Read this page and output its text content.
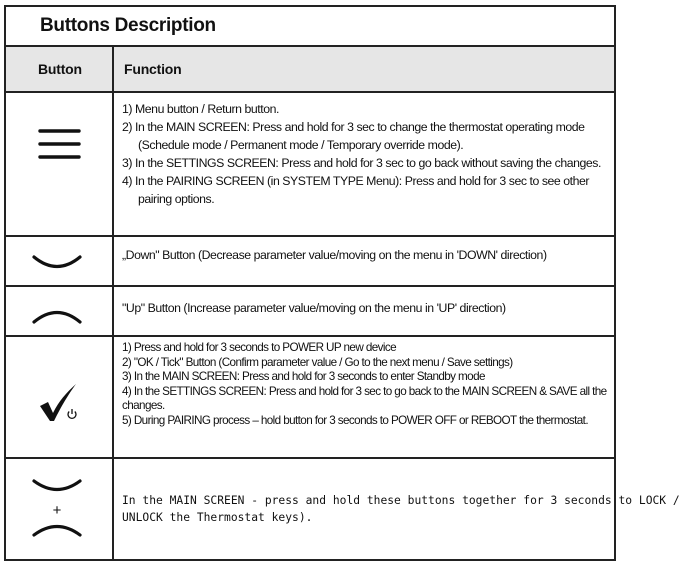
Buttons Description
Button	Function
1) Menu button / Return button.
2) In the MAIN SCREEN: Press and hold for 3 sec to change the thermostat operating mode
(Schedule mode / Permanent mode / Temporary override mode).
3) In the SETTINGS SCREEN: Press and hold for 3 sec to go back without saving the changes.
4) In the PAIRING SCREEN (in SYSTEM TYPE Menu): Press and hold for 3 sec to see other
pairing options.
„Down" Button (Decrease parameter value/moving on the menu in 'DOWN' direction)
"Up" Button (Increase parameter value/moving on the menu in 'UP' direction)
1) Press and hold for 3 seconds to POWER UP new device
2) "OK / Tick" Button (Confirm parameter value / Go to the next menu / Save settings)
3) In the MAIN SCREEN: Press and hold for 3 seconds to enter Standby mode
4) In the SETTINGS SCREEN: Press and hold for 3 sec to go back to the MAIN SCREEN & SAVE all the
changes.
5) During PAIRING process – hold button for 3 seconds to POWER OFF or REBOOT the thermostat.
+
In the MAIN SCREEN - press and hold these buttons together for 3 seconds to LOCK /
UNLOCK the Thermostat keys).
